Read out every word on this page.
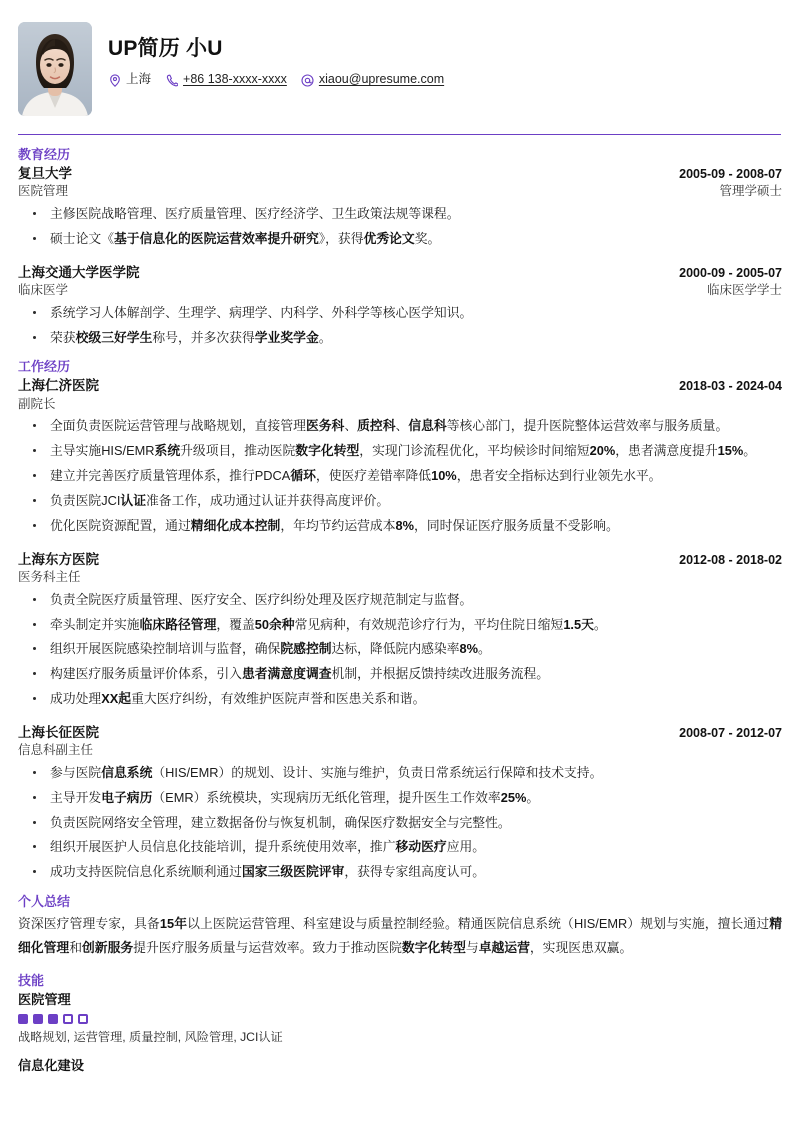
UP简历 小U
上海	+86 138-xxxx-xxxx	xiaou@upresume.com
教育经历
复旦大学	2005-09 - 2008-07
医院管理	管理学硕士
主修医院战略管理、医疗质量管理、医疗经济学、卫生政策法规等课程。
硕士论文《基于信息化的医院运营效率提升研究》，获得优秀论文奖。
上海交通大学医学院	2000-09 - 2005-07
临床医学	临床医学学士
系统学习人体解剖学、生理学、病理学、内科学、外科学等核心医学知识。
荣获校级三好学生称号，并多次获得学业奖学金。
工作经历
上海仁济医院	2018-03 - 2024-04
副院长
全面负责医院运营管理与战略规划，直接管理医务科、质控科、信息科等核心部门，提升医院整体运营效率与服务质量。
主导实施HIS/EMR系统升级项目，推动医院数字化转型，实现门诊流程优化，平均候诊时间缩短20%，患者满意度提升15%。
建立并完善医疗质量管理体系，推行PDCA循环，使医疗差错率降低10%，患者安全指标达到行业领先水平。
负责医院JCI认证准备工作，成功通过认证并获得高度评价。
优化医院资源配置，通过精细化成本控制，年均节约运营成本8%，同时保证医疗服务质量不受影响。
上海东方医院	2012-08 - 2018-02
医务科主任
负责全院医疗质量管理、医疗安全、医疗纠纷处理及医疗规范制定与监督。
牵头制定并实施临床路径管理，覆盖50余种常见病种，有效规范诊疗行为，平均住院日缩短1.5天。
组织开展医院感染控制培训与监督，确保院感控制达标，降低院内感染率8%。
构建医疗服务质量评价体系，引入患者满意度调查机制，并根据反馈持续改进服务流程。
成功处理XX起重大医疗纠纷，有效维护医院声誉和医患关系和谐。
上海长征医院	2008-07 - 2012-07
信息科副主任
参与医院信息系统（HIS/EMR）的规划、设计、实施与维护，负责日常系统运行保障和技术支持。
主导开发电子病历（EMR）系统模块，实现病历无纸化管理，提升医生工作效率25%。
负责医院网络安全管理，建立数据备份与恢复机制，确保医疗数据安全与完整性。
组织开展医护人员信息化技能培训，提升系统使用效率，推广移动医疗应用。
成功支持医院信息化系统顺利通过国家三级医院评审，获得专家组高度认可。
个人总结
资深医疗管理专家，具备15年以上医院运营管理、科室建设与质量控制经验。精通医院信息系统（HIS/EMR）规划与实施，擅长通过精细化管理和创新服务提升医疗服务质量与运营效率。致力于推动医院数字化转型与卓越运营，实现医患双赢。
技能
医院管理
战略规划, 运营管理, 质量控制, 风险管理, JCI认证
信息化建设
